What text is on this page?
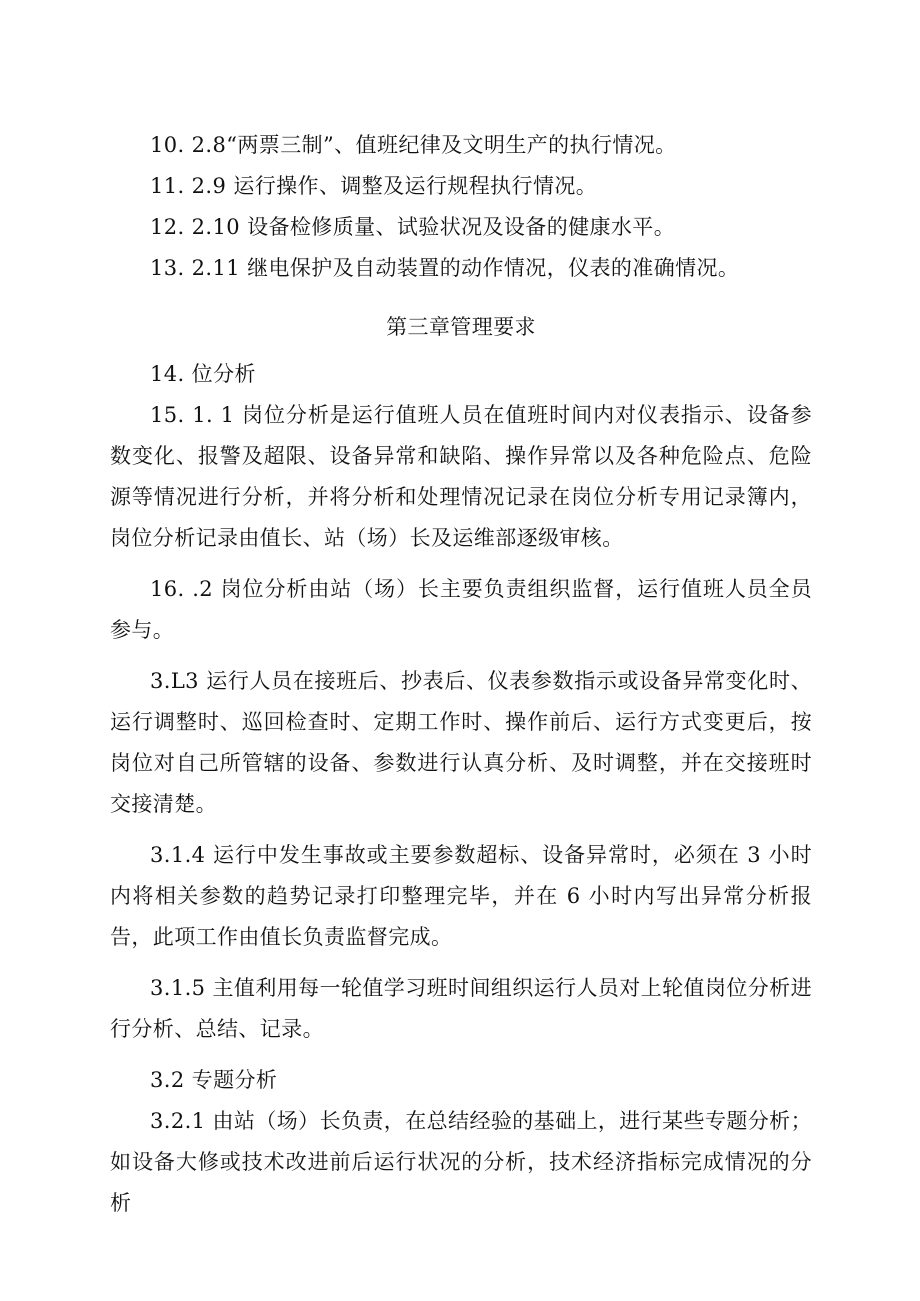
10. 2.8“两票三制”、值班纪律及文明生产的执行情况。
11. 2.9 运行操作、调整及运行规程执行情况。
12. 2.10 设备检修质量、试验状况及设备的健康水平。
13. 2.11 继电保护及自动装置的动作情况，仪表的准确情况。
第三章管理要求
14. 位分析

15. 1. 1 岗位分析是运行值班人员在值班时间内对仪表指示、设备参数变化、报警及超限、设备异常和缺陷、操作异常以及各种危险点、危险源等情况进行分析，并将分析和处理情况记录在岗位分析专用记录簿内，岗位分析记录由值长、站（场）长及运维部逐级审核。

16. .2 岗位分析由站（场）长主要负责组织监督，运行值班人员全员参与。

3.L3 运行人员在接班后、抄表后、仪表参数指示或设备异常变化时、运行调整时、巡回检查时、定期工作时、操作前后、运行方式变更后，按岗位对自己所管辖的设备、参数进行认真分析、及时调整，并在交接班时交接清楚。

3.1.4 运行中发生事故或主要参数超标、设备异常时，必须在 3 小时内将相关参数的趋势记录打印整理完毕，并在 6 小时内写出异常分析报告，此项工作由值长负责监督完成。

3.1.5 主值利用每一轮值学习班时间组织运行人员对上轮值岗位分析进行分析、总结、记录。

3.2 专题分析

3.2.1 由站（场）长负责，在总结经验的基础上，进行某些专题分析；如设备大修或技术改进前后运行状况的分析，技术经济指标完成情况的分析
